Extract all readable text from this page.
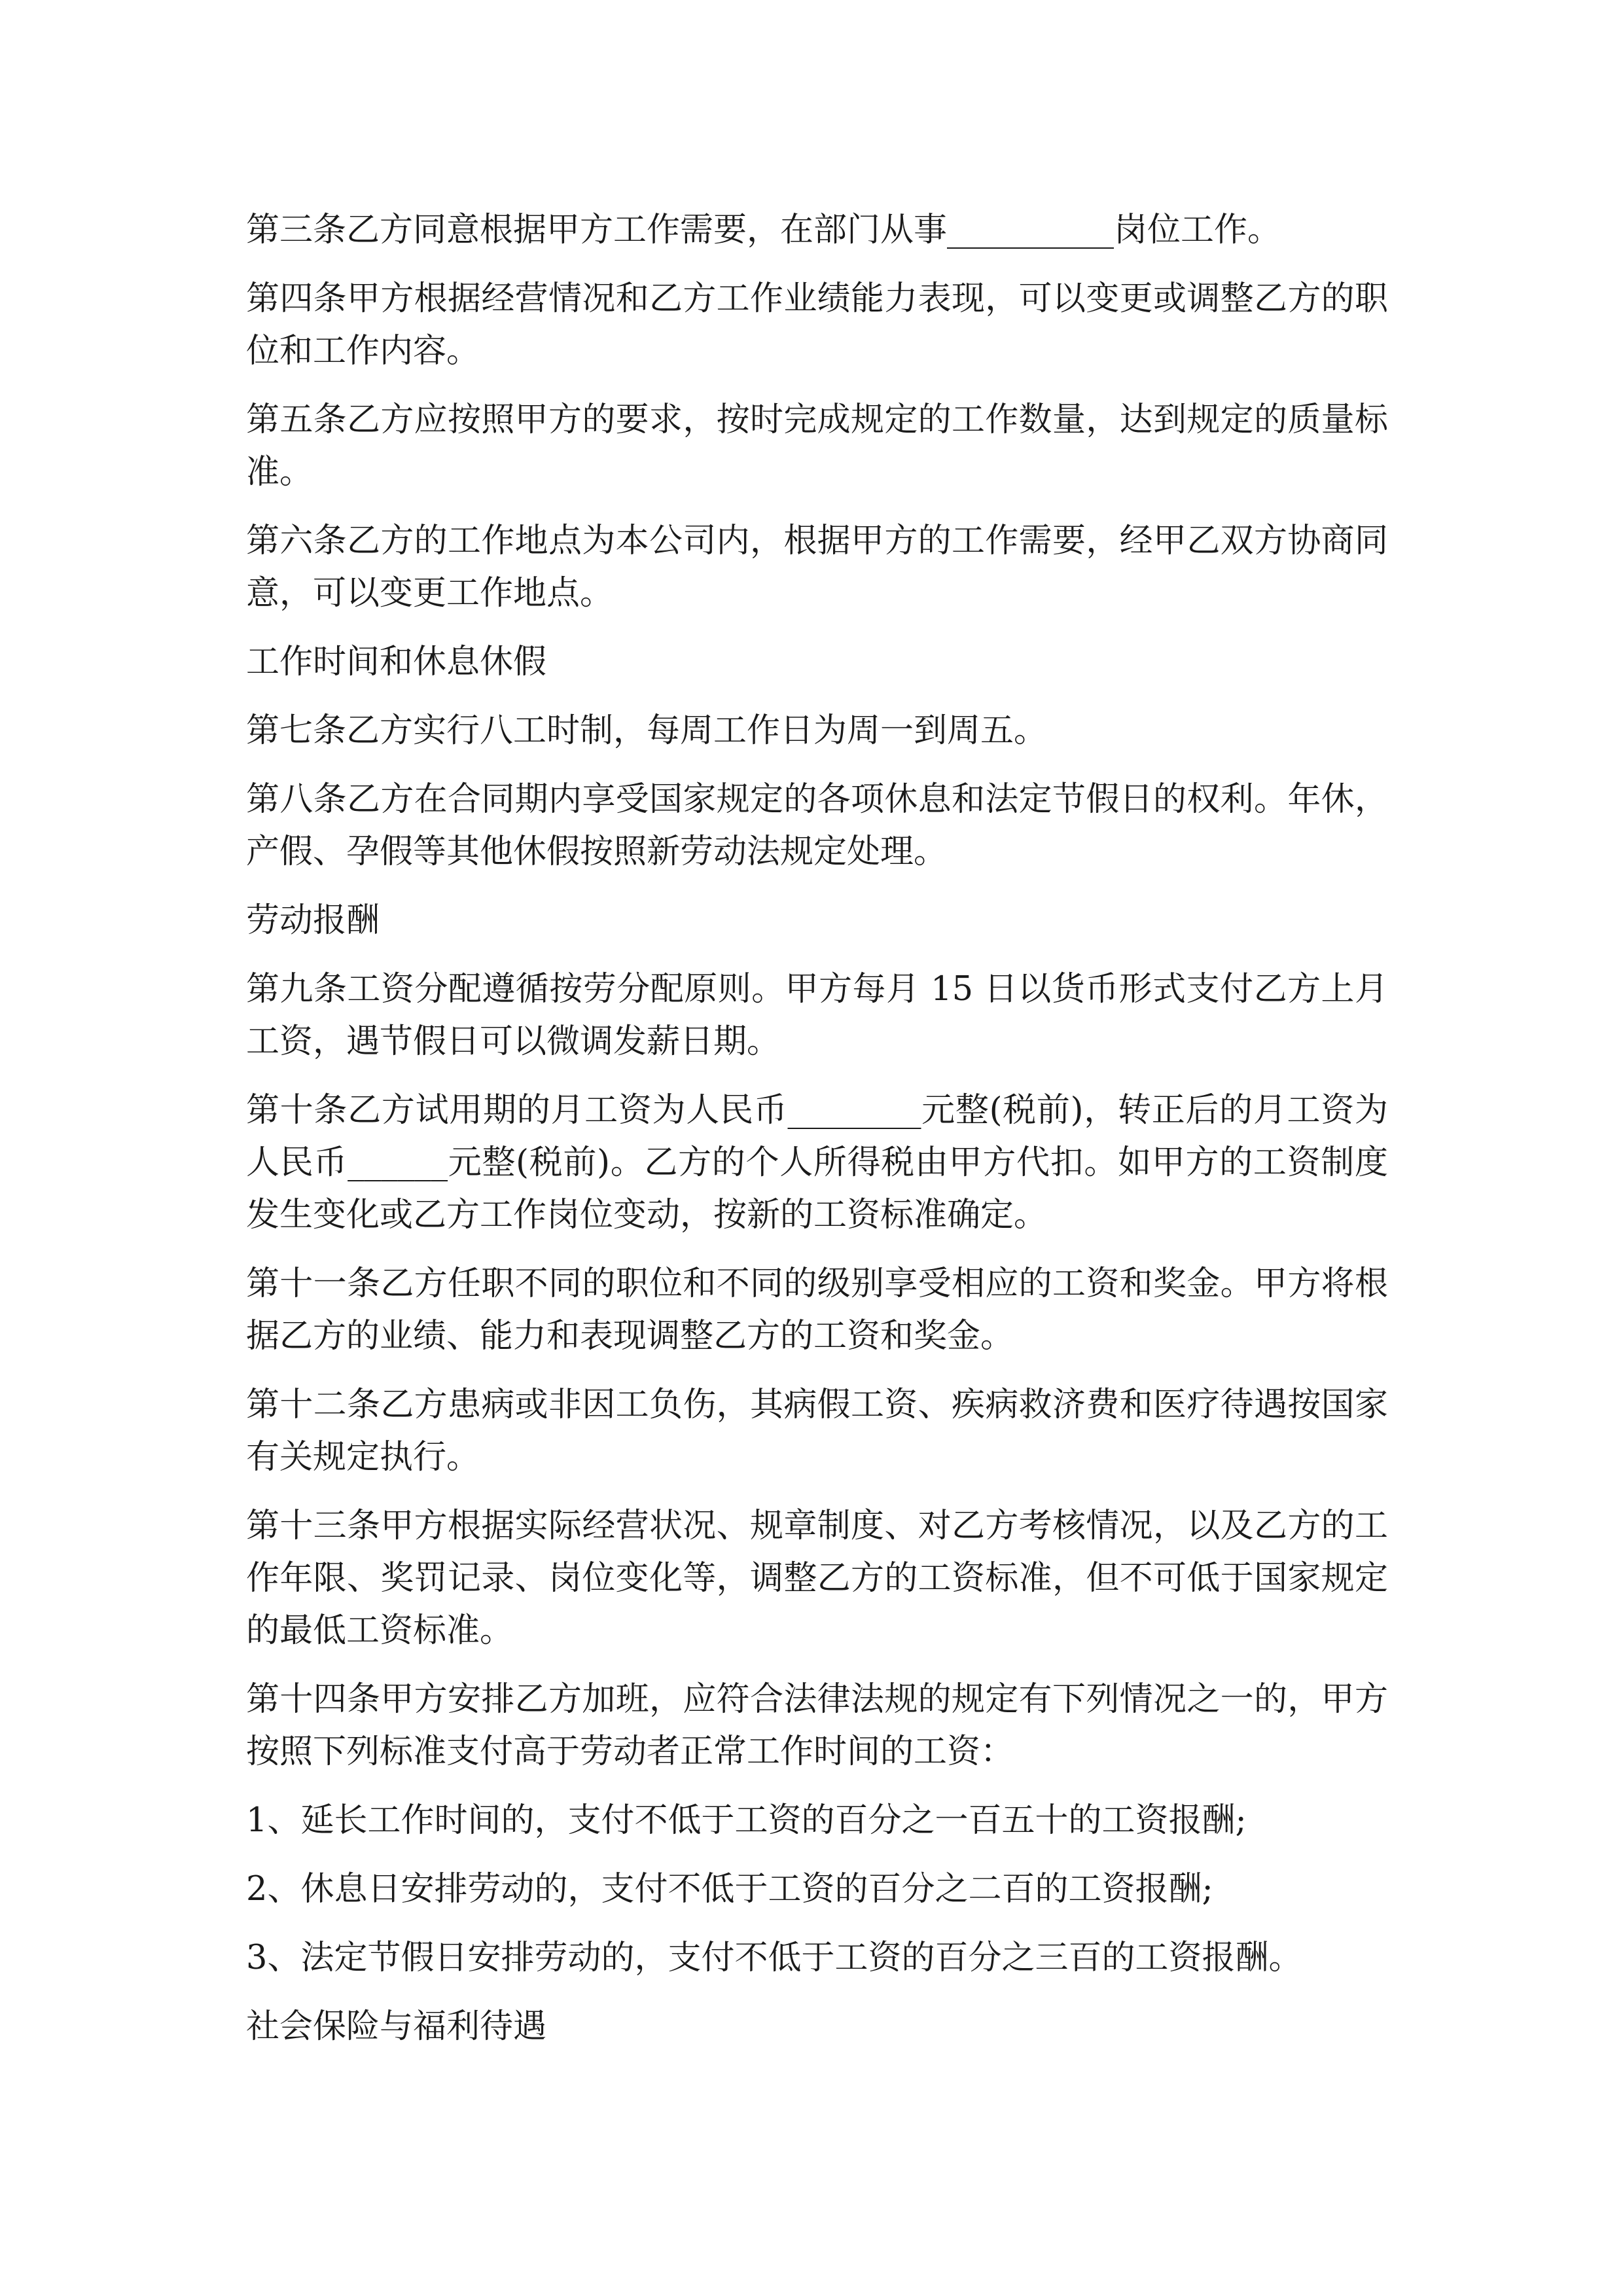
第三条乙方同意根据甲方工作需要，在部门从事__________岗位工作。

第四条甲方根据经营情况和乙方工作业绩能力表现，可以变更或调整乙方的职位和工作内容。

第五条乙方应按照甲方的要求，按时完成规定的工作数量，达到规定的质量标准。

第六条乙方的工作地点为本公司内，根据甲方的工作需要，经甲乙双方协商同意，可以变更工作地点。

工作时间和休息休假

第七条乙方实行八工时制，每周工作日为周一到周五。

第八条乙方在合同期内享受国家规定的各项休息和法定节假日的权利。年休，产假、孕假等其他休假按照新劳动法规定处理。

劳动报酬

第九条工资分配遵循按劳分配原则。甲方每月 15 日以货币形式支付乙方上月工资，遇节假日可以微调发薪日期。

第十条乙方试用期的月工资为人民币________元整(税前)，转正后的月工资为人民币______元整(税前)。乙方的个人所得税由甲方代扣。如甲方的工资制度发生变化或乙方工作岗位变动，按新的工资标准确定。

第十一条乙方任职不同的职位和不同的级别享受相应的工资和奖金。甲方将根据乙方的业绩、能力和表现调整乙方的工资和奖金。

第十二条乙方患病或非因工负伤，其病假工资、疾病救济费和医疗待遇按国家有关规定执行。

第十三条甲方根据实际经营状况、规章制度、对乙方考核情况，以及乙方的工作年限、奖罚记录、岗位变化等，调整乙方的工资标准，但不可低于国家规定的最低工资标准。

第十四条甲方安排乙方加班，应符合法律法规的规定有下列情况之一的，甲方按照下列标准支付高于劳动者正常工作时间的工资：

1、延长工作时间的，支付不低于工资的百分之一百五十的工资报酬;

2、休息日安排劳动的，支付不低于工资的百分之二百的工资报酬;

3、法定节假日安排劳动的，支付不低于工资的百分之三百的工资报酬。

社会保险与福利待遇
